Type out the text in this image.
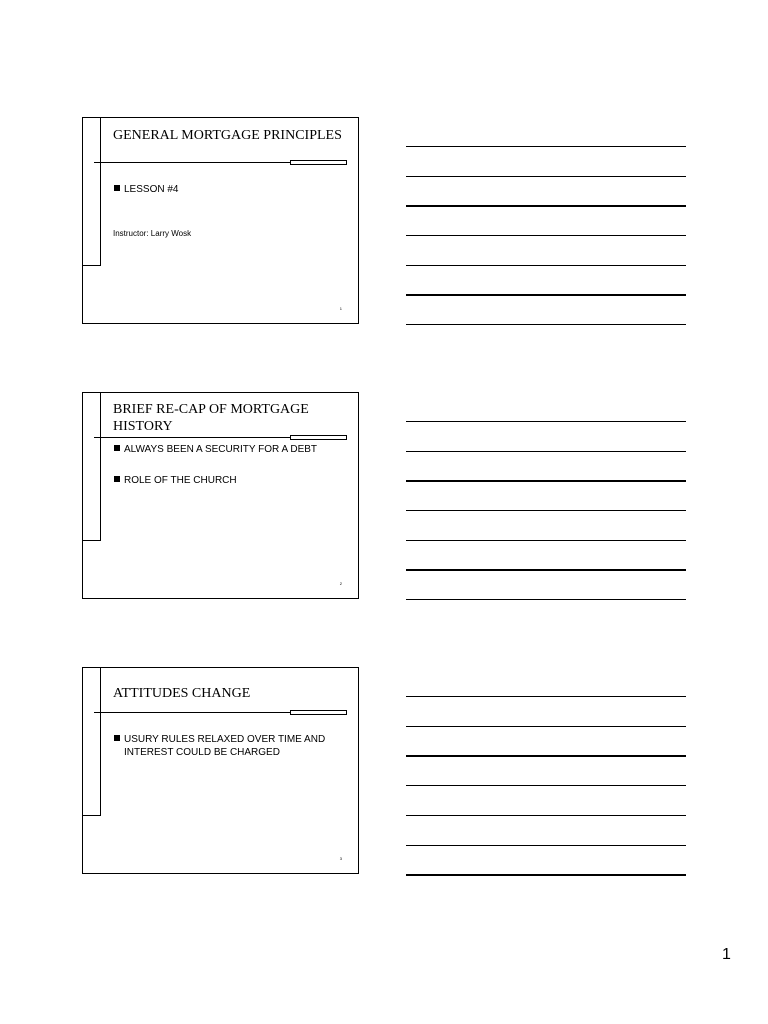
GENERAL MORTGAGE PRINCIPLES
LESSON #4
Instructor: Larry Wosk
1
BRIEF RE-CAP OF MORTGAGE HISTORY
ALWAYS BEEN A SECURITY FOR A DEBT
ROLE OF THE CHURCH
2
ATTITUDES CHANGE
USURY RULES RELAXED OVER TIME AND INTEREST COULD BE CHARGED
3
1
